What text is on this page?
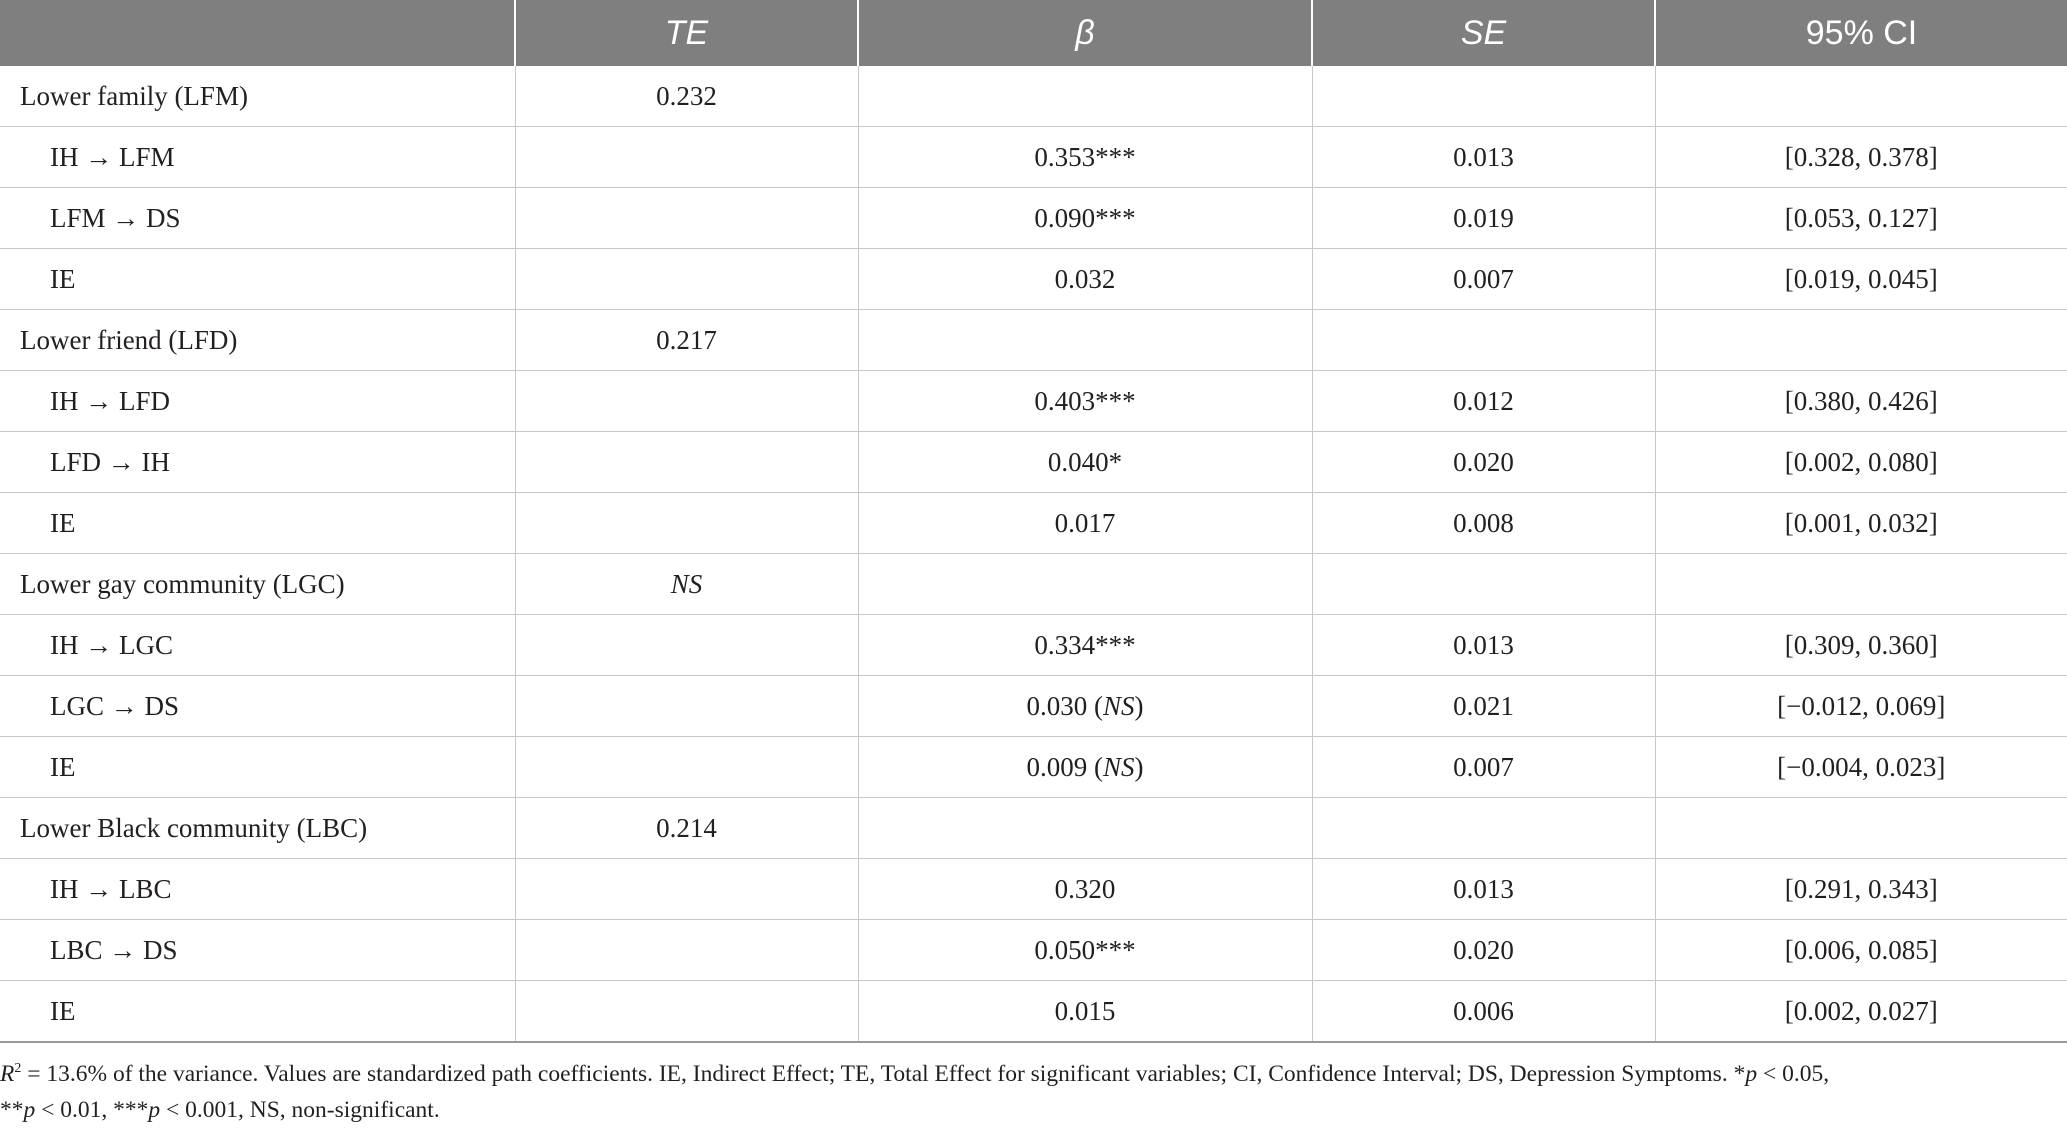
	TE	β	SE	95% CI
Lower family (LFM)	0.232			
IH → LFM		0.353***	0.013	[0.328, 0.378]
LFM → DS		0.090***	0.019	[0.053, 0.127]
IE		0.032	0.007	[0.019, 0.045]
Lower friend (LFD)	0.217			
IH → LFD		0.403***	0.012	[0.380, 0.426]
LFD → IH		0.040*	0.020	[0.002, 0.080]
IE		0.017	0.008	[0.001, 0.032]
Lower gay community (LGC)	NS			
IH → LGC		0.334***	0.013	[0.309, 0.360]
LGC → DS		0.030 (NS)	0.021	[−0.012, 0.069]
IE		0.009 (NS)	0.007	[−0.004, 0.023]
Lower Black community (LBC)	0.214			
IH → LBC		0.320	0.013	[0.291, 0.343]
LBC → DS		0.050***	0.020	[0.006, 0.085]
IE		0.015	0.006	[0.002, 0.027]
$R^2 = 13.6\%$ of the variance. Values are standardized path coefficients. IE, Indirect Effect; TE, Total Effect for significant variables; CI, Confidence Interval; DS, Depression Symptoms. *p < 0.05,
**p < 0.01, ***p < 0.001, NS, non-significant.
